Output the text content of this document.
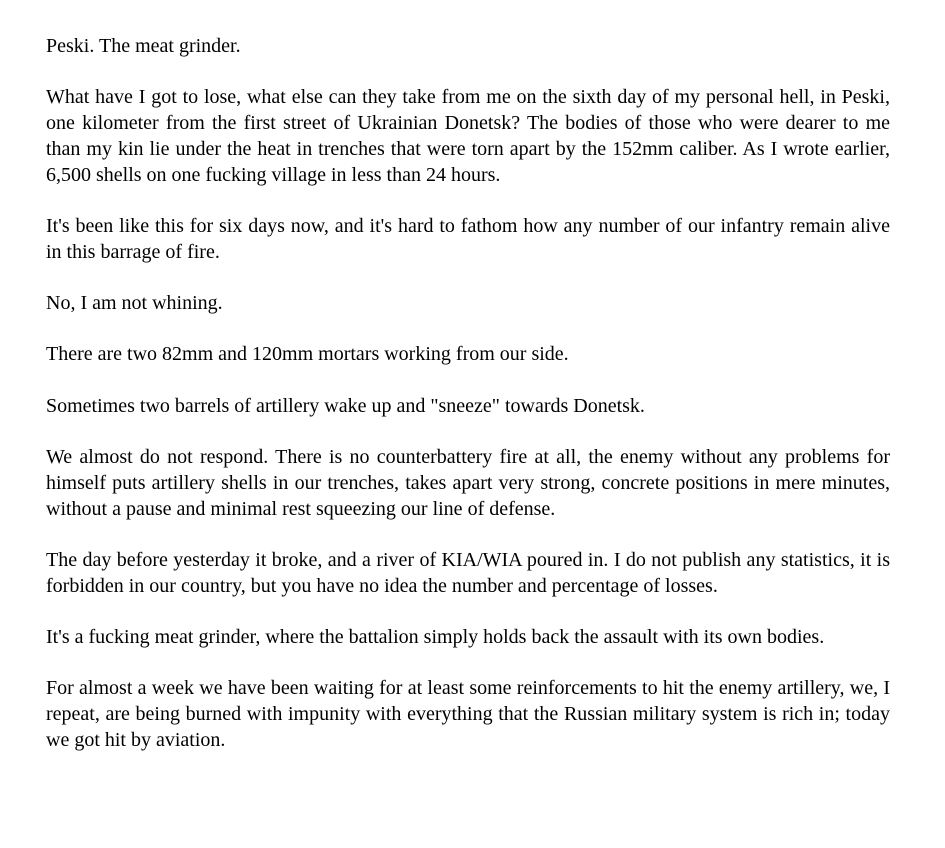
Peski. The meat grinder.

What have I got to lose, what else can they take from me on the sixth day of my personal hell, in Peski, one kilometer from the first street of Ukrainian Donetsk? The bodies of those who were dearer to me than my kin lie under the heat in trenches that were torn apart by the 152mm caliber. As I wrote earlier, 6,500 shells on one fucking village in less than 24 hours.

It's been like this for six days now, and it's hard to fathom how any number of our infantry remain alive in this barrage of fire.

No, I am not whining.

There are two 82mm and 120mm mortars working from our side.

Sometimes two barrels of artillery wake up and "sneeze" towards Donetsk.

We almost do not respond. There is no counterbattery fire at all, the enemy without any problems for himself puts artillery shells in our trenches, takes apart very strong, concrete positions in mere minutes, without a pause and minimal rest squeezing our line of defense.

The day before yesterday it broke, and a river of KIA/WIA poured in. I do not publish any statistics, it is forbidden in our country, but you have no idea the number and percentage of losses.

It's a fucking meat grinder, where the battalion simply holds back the assault with its own bodies.

For almost a week we have been waiting for at least some reinforcements to hit the enemy artillery, we, I repeat, are being burned with impunity with everything that the Russian military system is rich in; today we got hit by aviation.
